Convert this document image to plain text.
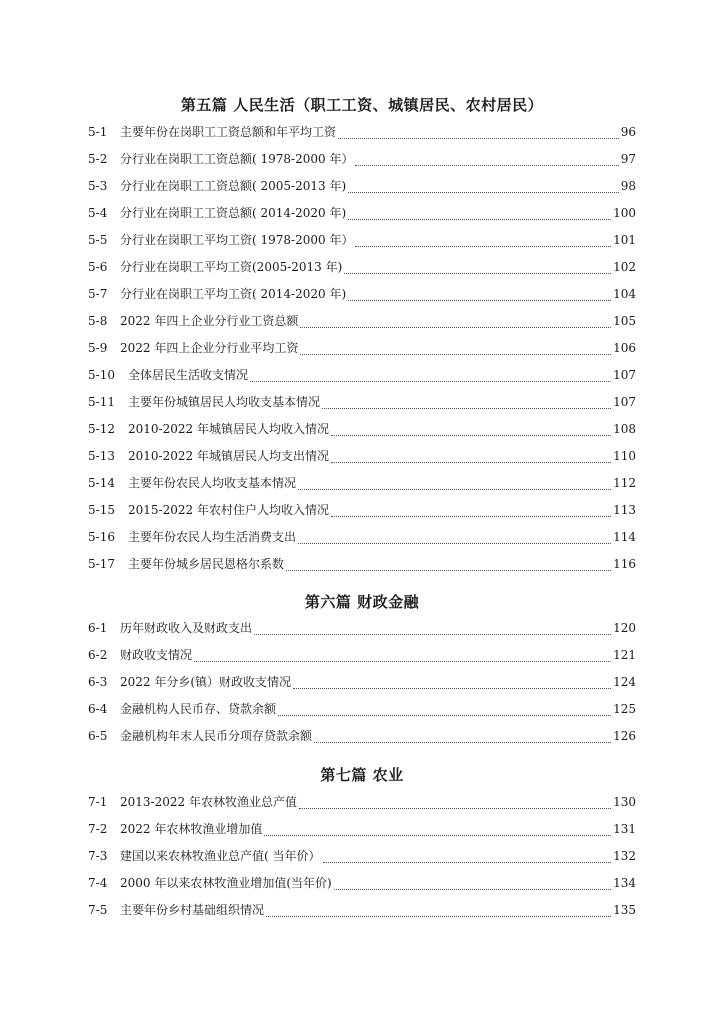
第五篇 人民生活（职工工资、城镇居民、农村居民）
5-1	主要年份在岗职工工资总额和年平均工资	96
5-2	分行业在岗职工工资总额( 1978-2000 年）	97
5-3	分行业在岗职工工资总额( 2005-2013 年)	98
5-4	分行业在岗职工工资总额( 2014-2020 年)	100
5-5	分行业在岗职工平均工资( 1978-2000 年）	101
5-6	分行业在岗职工平均工资(2005-2013 年)	102
5-7	分行业在岗职工平均工资( 2014-2020 年)	104
5-8	2022 年四上企业分行业工资总额	105
5-9	2022 年四上企业分行业平均工资	106
5-10	全体居民生活收支情况	107
5-11	主要年份城镇居民人均收支基本情况	107
5-12	2010-2022 年城镇居民人均收入情况	108
5-13	2010-2022 年城镇居民人均支出情况	110
5-14	主要年份农民人均收支基本情况	112
5-15	2015-2022 年农村住户人均收入情况	113
5-16	主要年份农民人均生活消费支出	114
5-17	主要年份城乡居民恩格尔系数	116
第六篇 财政金融
6-1	历年财政收入及财政支出	120
6-2	财政收支情况	121
6-3	2022 年分乡(镇）财政收支情况	124
6-4	金融机构人民币存、贷款余额	125
6-5	金融机构年末人民币分项存贷款余额	126
第七篇 农业
7-1	2013-2022 年农林牧渔业总产值	130
7-2	2022 年农林牧渔业增加值	131
7-3	建国以来农林牧渔业总产值( 当年价）	132
7-4	2000 年以来农林牧渔业增加值(当年价)	134
7-5	主要年份乡村基础组织情况	135
